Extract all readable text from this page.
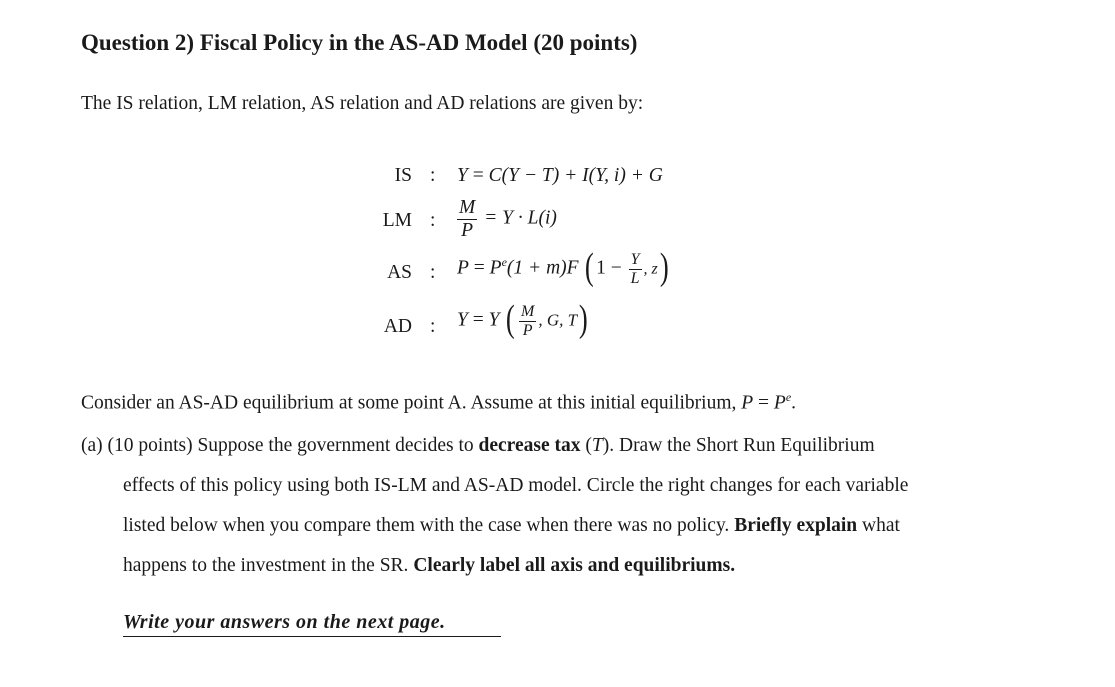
Question 2) Fiscal Policy in the AS-AD Model (20 points)
The IS relation, LM relation, AS relation and AD relations are given by:
IS : Y = C(Y − T) + I(Y, i) + G
LM : $\frac{M}{P} = Y \cdot L(i)$
AS : $P = P^e(1 + m)F$ ($1 - \frac{Y}{L}$ , z)
AD : Y = Y ( $\frac{M}{P}$ , G, T)
Consider an AS-AD equilibrium at some point A. Assume at this initial equilibrium, $P = P^e$.
(a) (10 points) Suppose the government decides to decrease tax (T). Draw the Short Run Equilibrium
effects of this policy using both IS-LM and AS-AD model. Circle the right changes for each variable
listed below when you compare them with the case when there was no policy. Briefly explain what
happens to the investment in the SR. Clearly label all axis and equilibriums.
Write your answers on the next page.
